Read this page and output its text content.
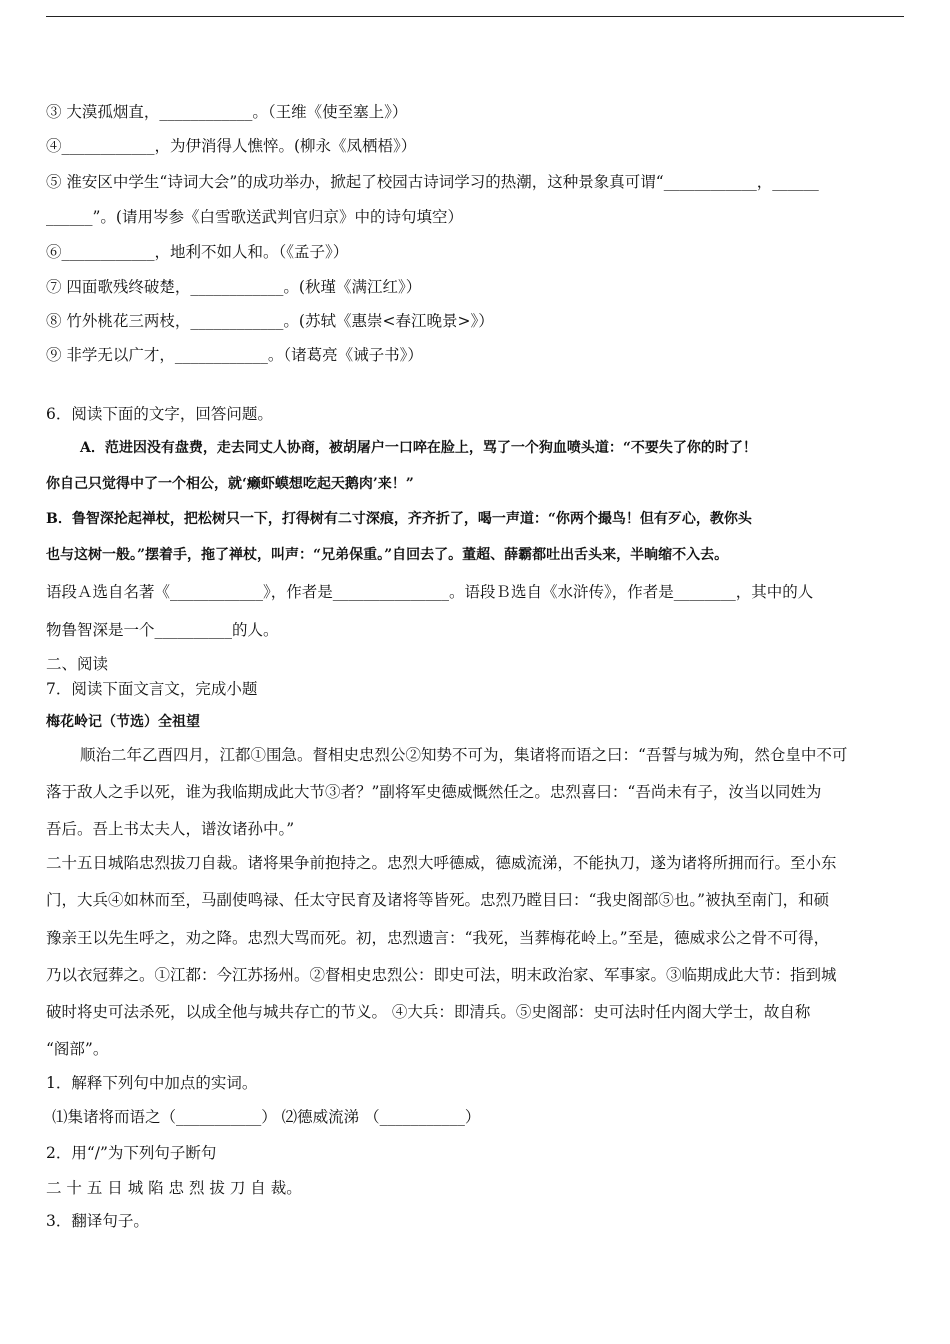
③ 大漠孤烟直，____________。（王维《使至塞上》）
④____________，为伊消得人憔悴。(柳永《凤栖梧》）
⑤ 淮安区中学生“诗词大会”的成功举办，掀起了校园古诗词学习的热潮，这种景象真可谓“____________，______
______”。(请用岑参《白雪歌送武判官归京》中的诗句填空）
⑥____________，地利不如人和。（《孟子》）
⑦ 四面歌残终破楚，____________。(秋瑾《满江红》）
⑧ 竹外桃花三两枝，____________。(苏轼《惠崇<春江晚景>》）
⑨ 非学无以广才，____________。（诸葛亮《诫子书》）
6．阅读下面的文字，回答问题。
A．范进因没有盘费，走去同丈人协商，被胡屠户一口啐在脸上，骂了一个狗血喷头道：“不要失了你的时了！
你自己只觉得中了一个相公，就‘癞虾蟆想吃起天鹅肉’来！”
B．鲁智深抡起禅杖，把松树只一下，打得树有二寸深痕，齐齐折了，喝一声道：“你两个撮鸟！但有歹心，教你头
也与这树一般。”摆着手，拖了禅杖，叫声：“兄弟保重。”自回去了。董超、薛霸都吐出舌头来，半晌缩不入去。
语段Ａ选自名著《____________》，作者是_______________。语段Ｂ选自《水浒传》，作者是________，其中的人
物鲁智深是一个__________的人。
二、阅读
7．阅读下面文言文，完成小题
梅花岭记（节选）全祖望
顺治二年乙酉四月，江都①围急。督相史忠烈公②知势不可为，集诸将而语之曰：“吾誓与城为殉，然仓皇中不可
落于敌人之手以死，谁为我临期成此大节③者？”副将军史德威慨然任之。忠烈喜曰：“吾尚未有子，汝当以同姓为
吾后。吾上书太夫人，谱汝诸孙中。”
二十五日城陷忠烈拔刀自裁。诸将果争前抱持之。忠烈大呼德威，德威流涕，不能执刀，遂为诸将所拥而行。至小东
门，大兵④如林而至，马副使鸣禄、任太守民育及诸将等皆死。忠烈乃瞠目曰：“我史阁部⑤也。”被执至南门，和硕
豫亲王以先生呼之，劝之降。忠烈大骂而死。初，忠烈遗言：“我死，当葬梅花岭上。”至是，德威求公之骨不可得，
乃以衣冠葬之。①江都：今江苏扬州。②督相史忠烈公：即史可法，明末政治家、军事家。③临期成此大节：指到城
破时将史可法杀死，以成全他与城共存亡的节义。 ④大兵：即清兵。⑤史阁部：史可法时任内阁大学士，故自称
“阁部”。
1．解释下列句中加点的实词。
⑴集诸将而语之（___________） ⑵德威流涕 （___________）
2．用“/”为下列句子断句
二 十 五 日 城 陷 忠 烈 拔 刀 自 裁。
3．翻译句子。
